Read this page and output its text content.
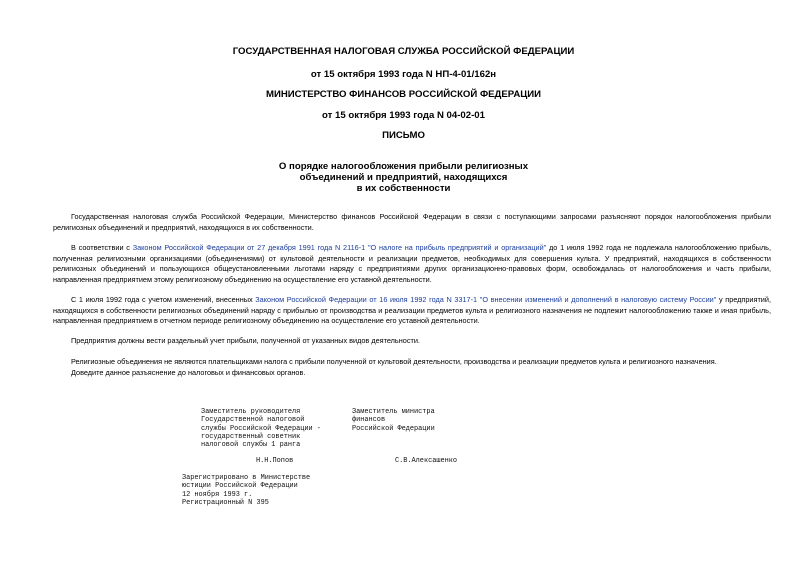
ГОСУДАРСТВЕННАЯ НАЛОГОВАЯ СЛУЖБА РОССИЙСКОЙ ФЕДЕРАЦИИ
от 15 октября 1993 года N НП-4-01/162н
МИНИСТЕРСТВО ФИНАНСОВ РОССИЙСКОЙ ФЕДЕРАЦИИ
от 15 октября 1993 года N 04-02-01
ПИСЬМО
О порядке налогообложения прибыли религиозных
объединений и предприятий, находящихся
в их собственности
Государственная налоговая служба Российской Федерации, Министерство финансов Российской Федерации в связи с поступающими запросами разъясняют порядок налогообложения прибыли религиозных объединений и предприятий, находящихся в их собственности.
В соответствии с Законом Российской Федерации от 27 декабря 1991 года N 2116-1 "О налоге на прибыль предприятий и организаций" до 1 июля 1992 года не подлежала налогообложению прибыль, полученная религиозными организациями (объединениями) от культовой деятельности и реализации предметов, необходимых для совершения культа. У предприятий, находящихся в собственности религиозных объединений и пользующихся общеустановленными льготами наряду с предприятиями других организационно-правовых форм, освобождалась от налогообложения и часть прибыли, направленная предприятием этому религиозному объединению на осуществление его уставной деятельности.
С 1 июля 1992 года с учетом изменений, внесенных Законом Российской Федерации от 16 июля 1992 года N 3317-1 "О внесении изменений и дополнений в налоговую систему России" у предприятий, находящихся в собственности религиозных объединений наряду с прибылью от производства и реализации предметов культа и религиозного назначения не подлежит налогообложению также и иная прибыль, направленная предприятием в отчетном периоде религиозному объединению на осуществление его уставной деятельности.
Предприятия должны вести раздельный учет прибыли, полученной от указанных видов деятельности.
Религиозные объединения не являются плательщиками налога с прибыли полученной от культовой деятельности, производства и реализации предметов культа и религиозного назначения.
Доведите данное разъяснение до налоговых и финансовых органов.
Заместитель руководителя
Государственной налоговой
службы Российской Федерации -
государственный советник
налоговой службы 1 ранга
Заместитель министра
финансов
Российской Федерации
Н.Н.Попов	С.В.Алексашенко
Зарегистрировано в Министерстве
юстиции Российской Федерации
12 ноября 1993 г.
Регистрационный N 395
